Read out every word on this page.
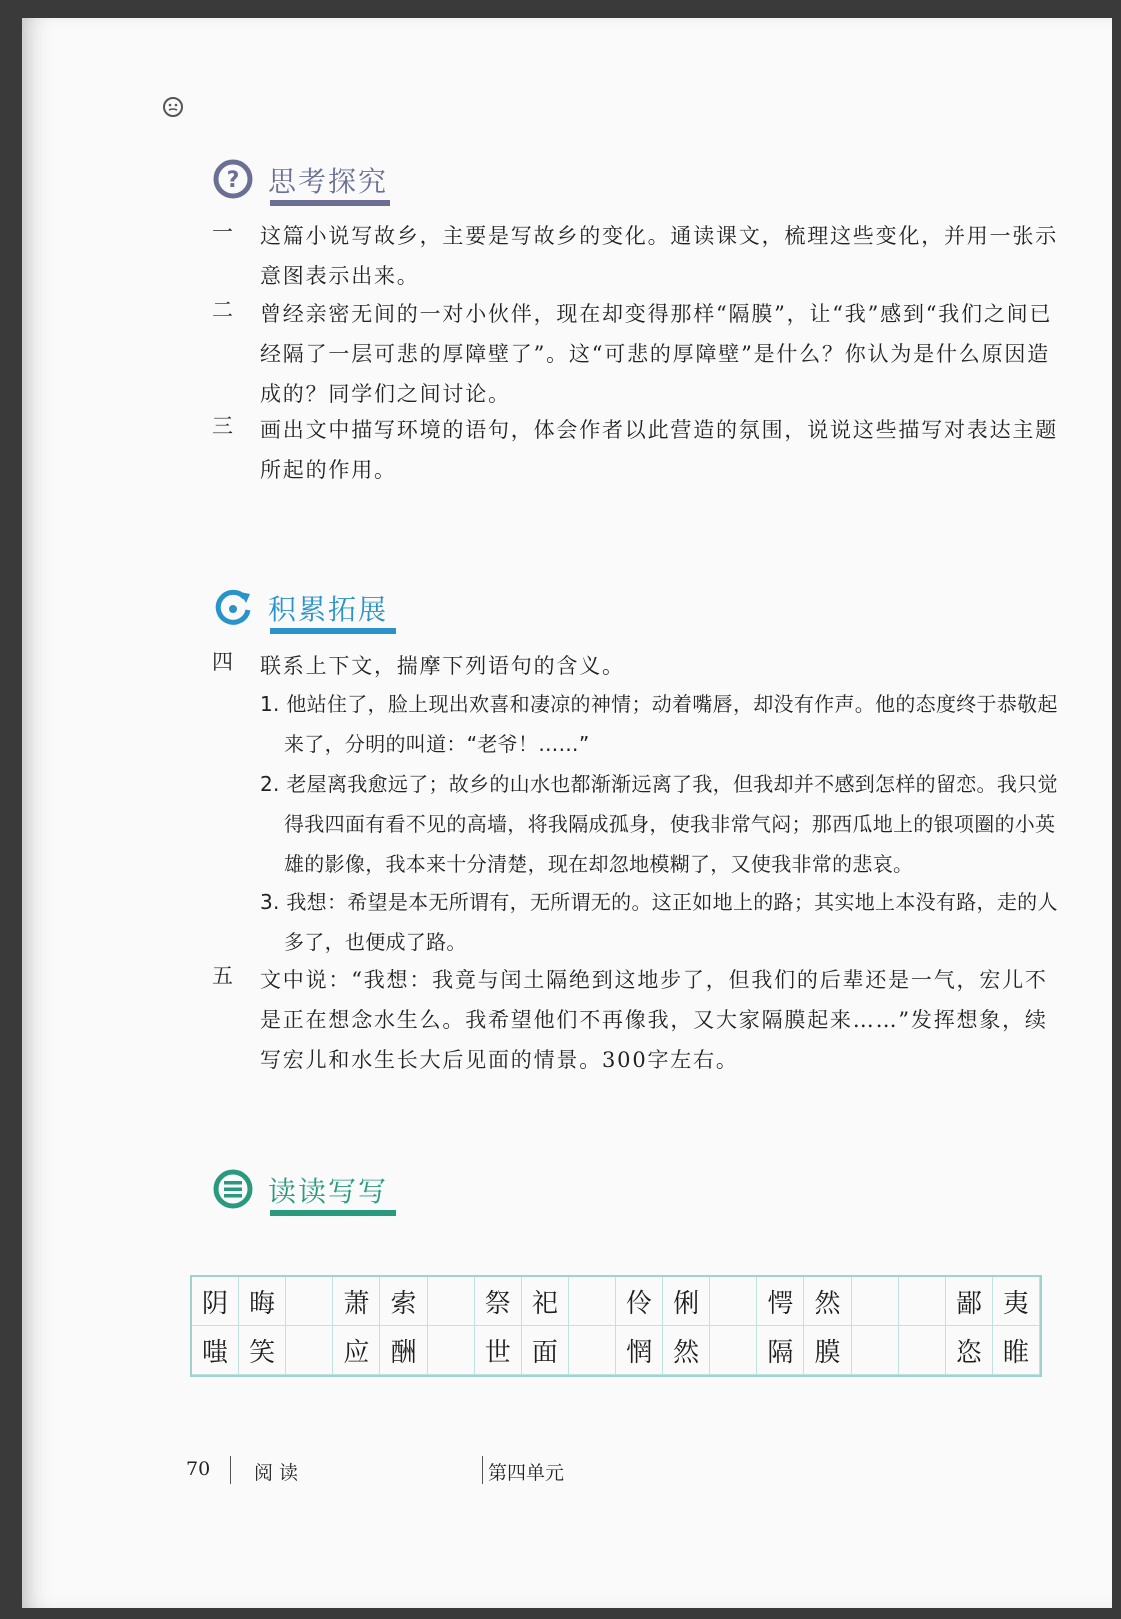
? 思考探究
一	这篇小说写故乡，主要是写故乡的变化。通读课文，梳理这些变化，并用一张示意图表示出来。
二	曾经亲密无间的一对小伙伴，现在却变得那样“隔膜”，让“我”感到“我们之间已经隔了一层可悲的厚障壁了”。这“可悲的厚障壁”是什么？你认为是什么原因造成的？同学们之间讨论。
三	画出文中描写环境的语句，体会作者以此营造的氛围，说说这些描写对表达主题所起的作用。
积累拓展
四	联系上下文，揣摩下列语句的含义。
1. 他站住了，脸上现出欢喜和凄凉的神情；动着嘴唇，却没有作声。他的态度终于恭敬起来了，分明的叫道：“老爷！……”
2. 老屋离我愈远了；故乡的山水也都渐渐远离了我，但我却并不感到怎样的留恋。我只觉得我四面有看不见的高墙，将我隔成孤身，使我非常气闷；那西瓜地上的银项圈的小英雄的影像，我本来十分清楚，现在却忽地模糊了，又使我非常的悲哀。
3. 我想：希望是本无所谓有，无所谓无的。这正如地上的路；其实地上本没有路，走的人多了，也便成了路。
五	文中说：“我想：我竟与闰土隔绝到这地步了，但我们的后辈还是一气，宏儿不是正在想念水生么。我希望他们不再像我，又大家隔膜起来……”发挥想象，续写宏儿和水生长大后见面的情景。300字左右。
读读写写
阴 晦	萧 索	祭 祀	伶 俐	愕 然	鄙 夷
嗤 笑	应 酬	世 面	惘 然	隔 膜	恣 睢
70 阅 读	第四单元
